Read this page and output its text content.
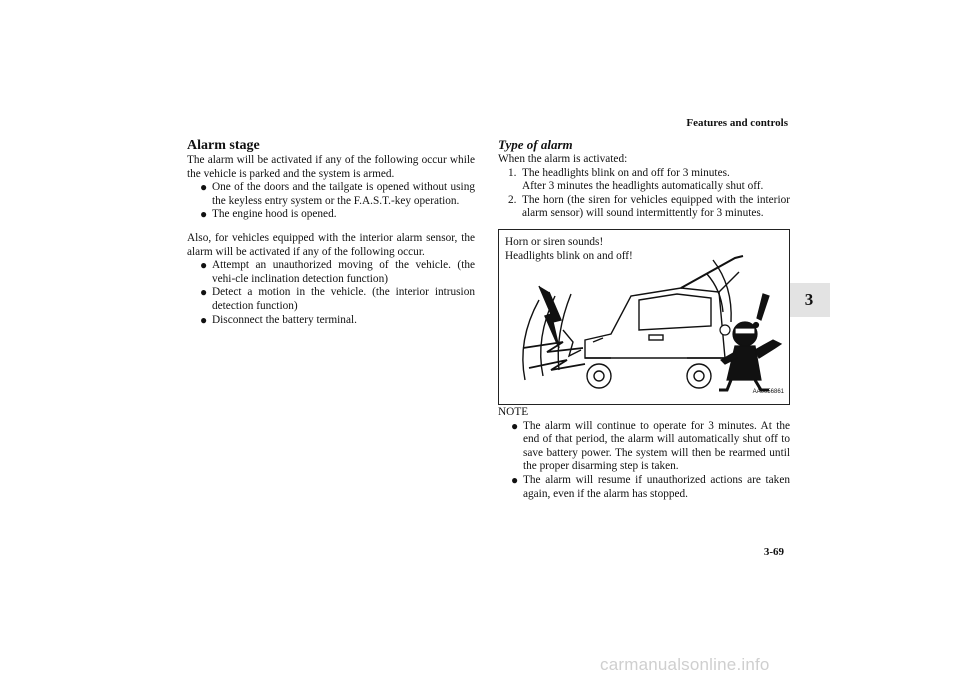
Features and controls
3
Alarm stage

The alarm will be activated if any of the following occur while the vehicle is parked and the system is armed.

● One of the doors and the tailgate is opened without using the keyless entry system or the F.A.S.T.-key operation.
● The engine hood is opened.

Also, for vehicles equipped with the interior alarm sensor, the alarm will be activated if any of the following occur.

● Attempt an unauthorized moving of the vehicle. (the vehi-cle inclination detection function)
● Detect a motion in the vehicle. (the interior intrusion detection function)
● Disconnect the battery terminal.
Type of alarm

When the alarm is activated:

1. The headlights blink on and off for 3 minutes.
After 3 minutes the headlights automatically shut off.
2. The horn (the siren for vehicles equipped with the interior alarm sensor) will sound intermittently for 3 minutes.
Horn or siren sounds!
Headlights blink on and off!
AA0056861
NOTE
● The alarm will continue to operate for 3 minutes. At the end of that period, the alarm will automatically shut off to save battery power. The system will then be rearmed until the proper disarming step is taken.
● The alarm will resume if unauthorized actions are taken again, even if the alarm has stopped.
3-69
carmanualsonline.info
